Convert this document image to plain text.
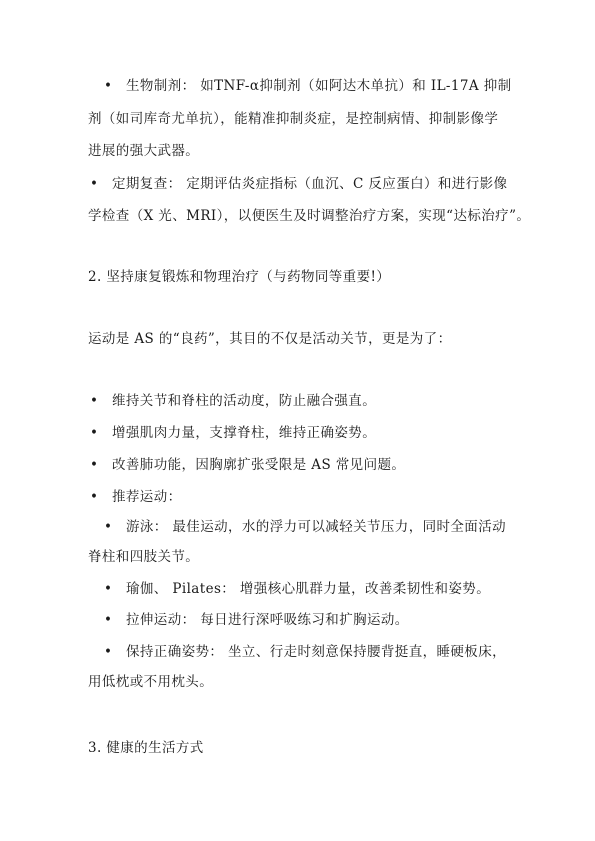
• 生物制剂： 如TNF-α抑制剂（如阿达木单抗）和 IL-17A 抑制
剂（如司库奇尤单抗），能精准抑制炎症，是控制病情、抑制影像学
进展的强大武器。
• 定期复查： 定期评估炎症指标（血沉、C 反应蛋白）和进行影像
学检查（X 光、MRI），以便医生及时调整治疗方案，实现“达标治疗”。
2. 坚持康复锻炼和物理治疗（与药物同等重要!）
运动是 AS 的“良药”，其目的不仅是活动关节，更是为了：
• 维持关节和脊柱的活动度，防止融合强直。
• 增强肌肉力量，支撑脊柱，维持正确姿势。
• 改善肺功能，因胸廓扩张受限是 AS 常见问题。
• 推荐运动：
• 游泳： 最佳运动，水的浮力可以减轻关节压力，同时全面活动
脊柱和四肢关节。
• 瑜伽、 Pilates： 增强核心肌群力量，改善柔韧性和姿势。
• 拉伸运动： 每日进行深呼吸练习和扩胸运动。
• 保持正确姿势： 坐立、行走时刻意保持腰背挺直，睡硬板床，
用低枕或不用枕头。
3. 健康的生活方式
